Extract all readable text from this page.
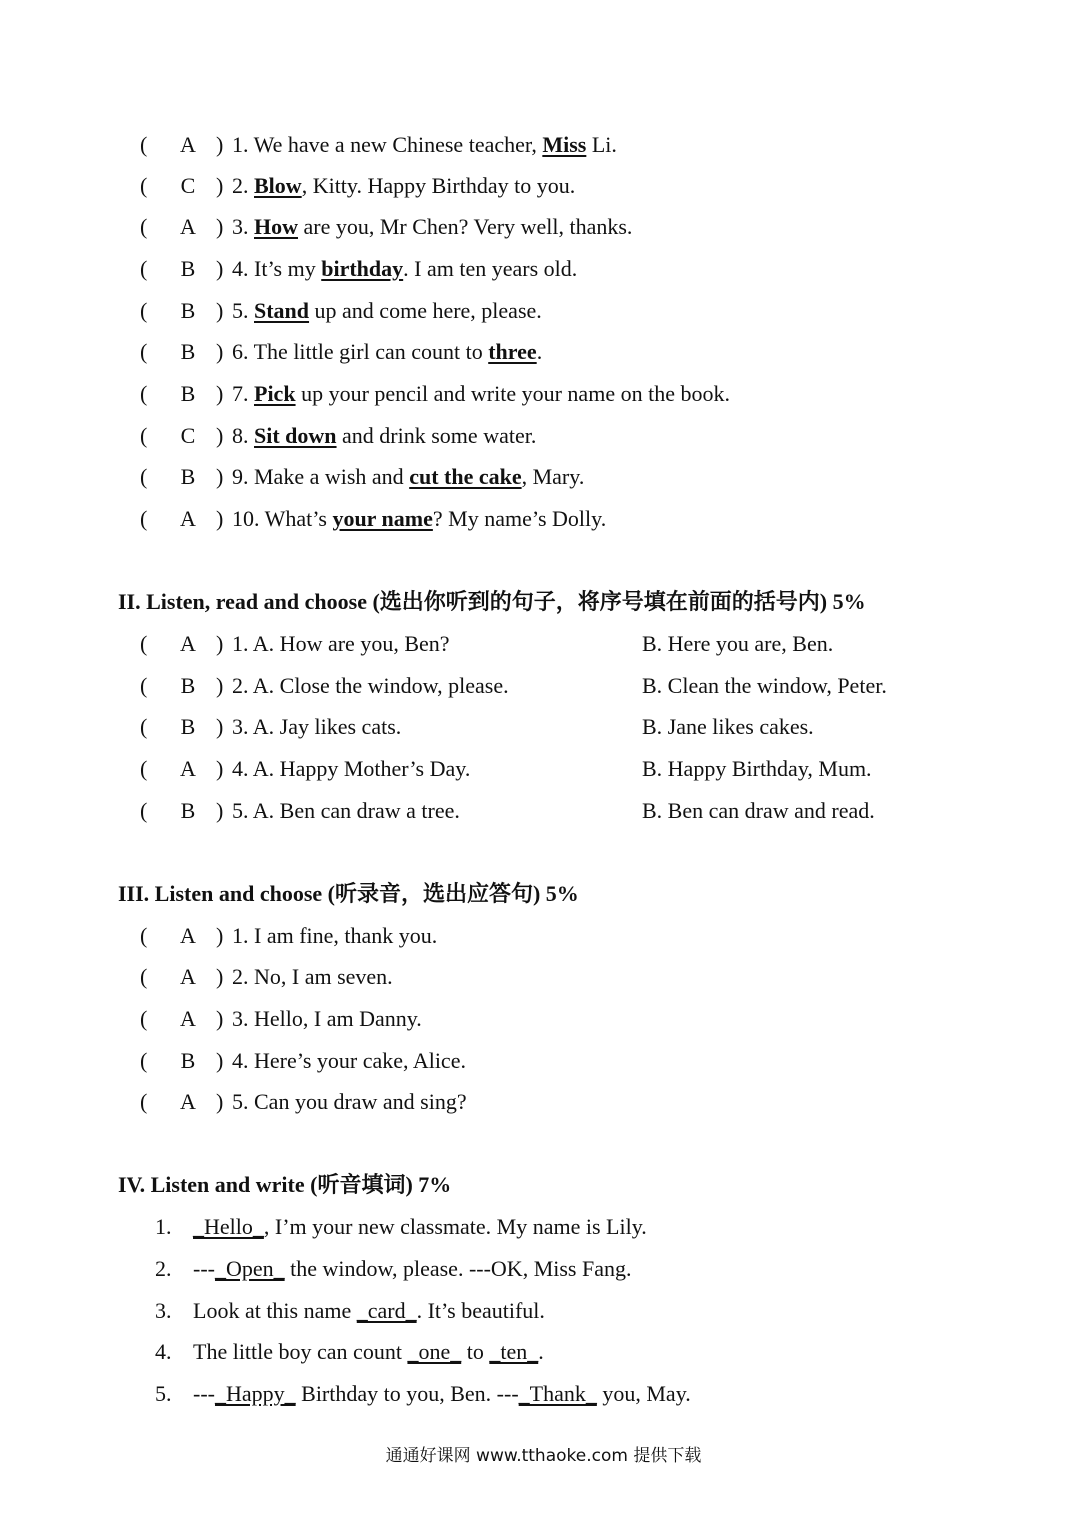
( A ) 1. We have a new Chinese teacher, Miss Li.
( C ) 2. Blow, Kitty. Happy Birthday to you.
( A ) 3. How are you, Mr Chen? Very well, thanks.
( B ) 4. It’s my birthday. I am ten years old.
( B ) 5. Stand up and come here, please.
( B ) 6. The little girl can count to three.
( B ) 7. Pick up your pencil and write your name on the book.
( C ) 8. Sit down and drink some water.
( B ) 9. Make a wish and cut the cake, Mary.
( A ) 10. What’s your name? My name’s Dolly.
II. Listen, read and choose (选出你听到的句子，将序号填在前面的括号内) 5%
( A ) 1. A. How are you, Ben?	B. Here you are, Ben.
( B ) 2. A. Close the window, please.	B. Clean the window, Peter.
( B ) 3. A. Jay likes cats.	B. Jane likes cakes.
( A ) 4. A. Happy Mother’s Day.	B. Happy Birthday, Mum.
( B ) 5. A. Ben can draw a tree.	B. Ben can draw and read.
III. Listen and choose (听录音，选出应答句) 5%
( A ) 1. I am fine, thank you.
( A ) 2. No, I am seven.
( A ) 3. Hello, I am Danny.
( B ) 4. Here’s your cake, Alice.
( A ) 5. Can you draw and sing?
IV. Listen and write (听音填词) 7%
1. _Hello_, I’m your new classmate. My name is Lily.
2. ---_Open_ the window, please. ---OK, Miss Fang.
3. Look at this name _card_. It’s beautiful.
4. The little boy can count _one_ to _ten_.
5. ---_Happy_ Birthday to you, Ben. ---_Thank_ you, May.
通通好课网 www.tthaoke.com 提供下载
